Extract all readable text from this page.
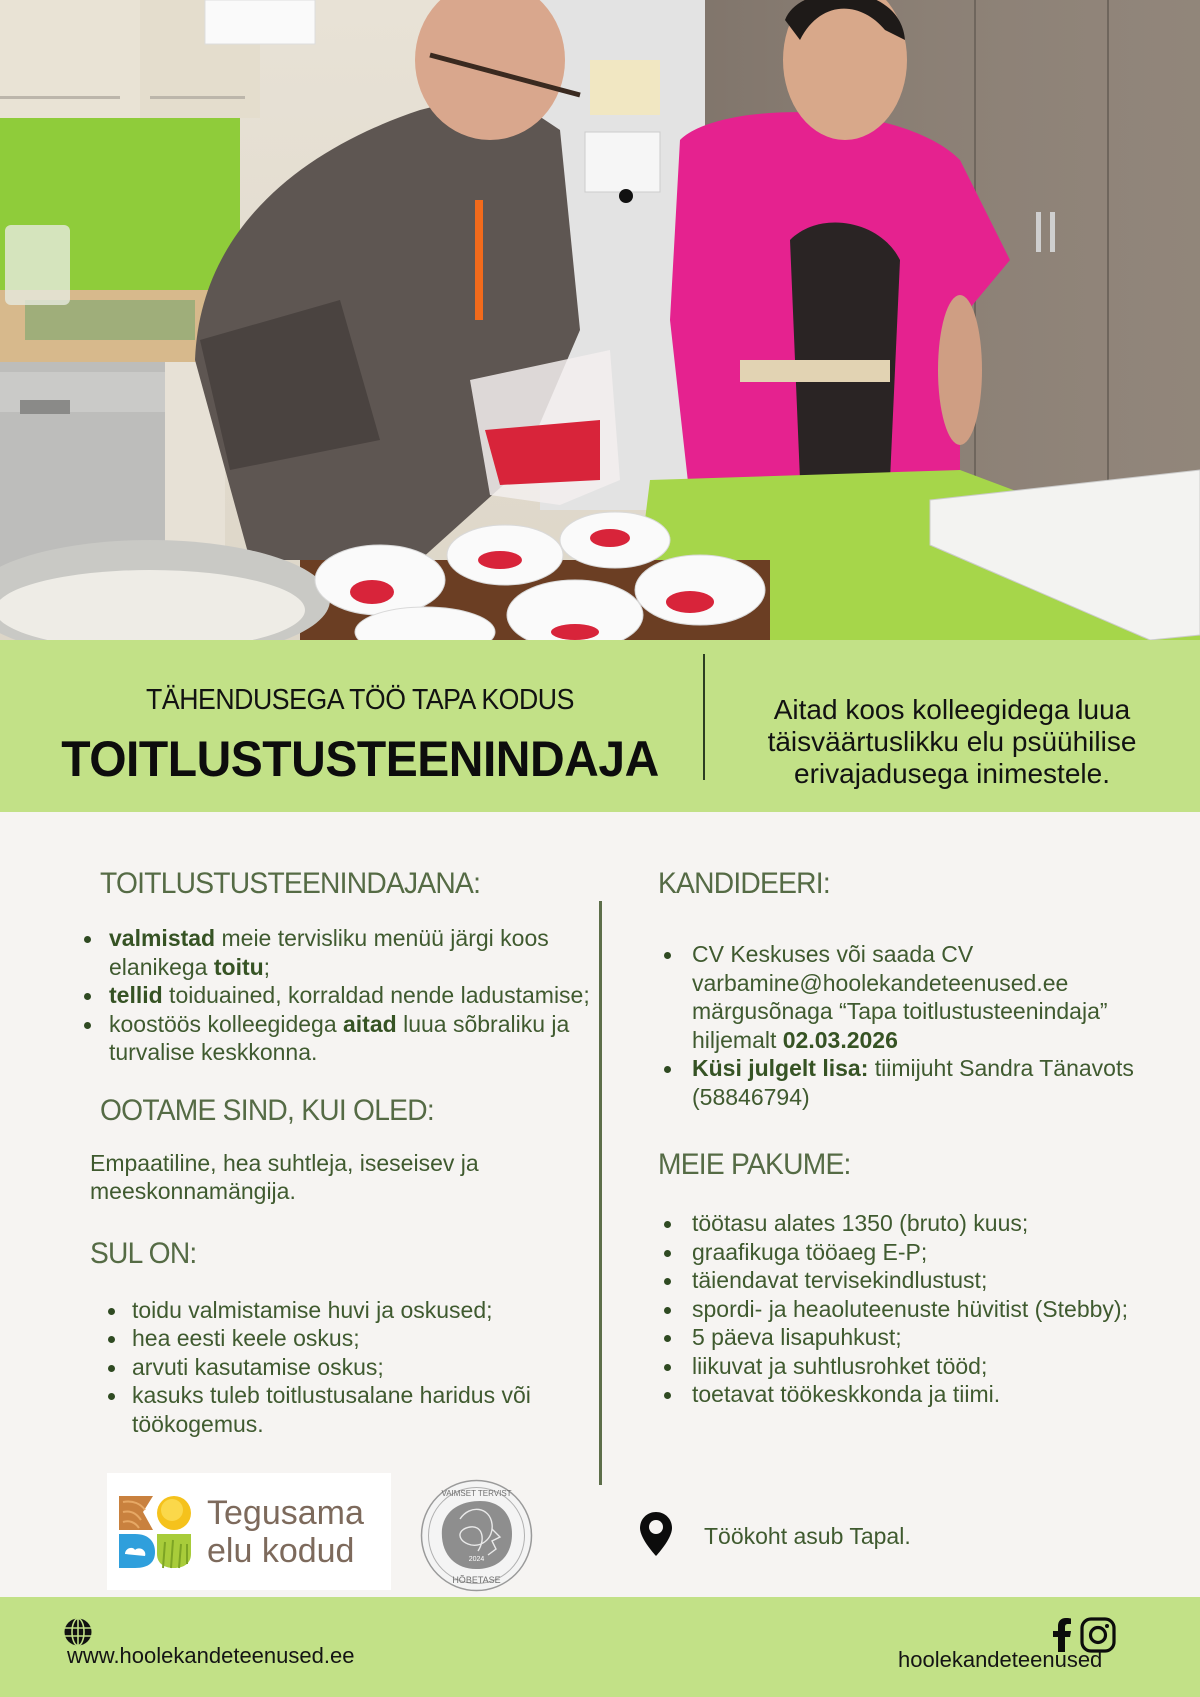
TÄHENDUSEGA TÖÖ TAPA KODUS
TOITLUSTUSTEENINDAJA
Aitad koos kolleegidega luua
täisväärtuslikku elu psüühilise
erivajadusega inimestele.
TOITLUSTUSTEENINDAJANA:
valmistad meie tervisliku menüü järgi koos elanikega toitu;
tellid toiduained, korraldad nende ladustamise;
koostöös kolleegidega aitad luua sõbraliku ja turvalise keskkonna.
OOTAME SIND, KUI OLED:

Empaatiline, hea suhtleja, iseseisev ja meeskonnamängija.

SUL ON:
toidu valmistamise huvi ja oskused;
hea eesti keele oskus;
arvuti kasutamise oskus;
kasuks tuleb toitlustusalane haridus või töökogemus.
KANDIDEERI:
CV Keskuses või saada CV varbamine@hoolekandeteenused.ee märgusõnaga “Tapa toitlustusteenindaja” hiljemalt 02.03.2026
Küsi julgelt lisa: tiimijuht Sandra Tänavots (58846794)
MEIE PAKUME:
töötasu alates 1350 (bruto) kuus;
graafikuga tööaeg E-P;
täiendavat tervisekindlustust;
spordi- ja heaoluteenuste hüvitist (Stebby);
5 päeva lisapuhkust;
liikuvat ja suhtlusrohket tööd;
toetavat töökeskkonda ja tiimi.
Tegusama
elu kodud	2024
VAIMSET TERVIST
HÕBETASE
Töökoht asub Tapal.
www.hoolekandeteenused.ee	hoolekandeteenused
